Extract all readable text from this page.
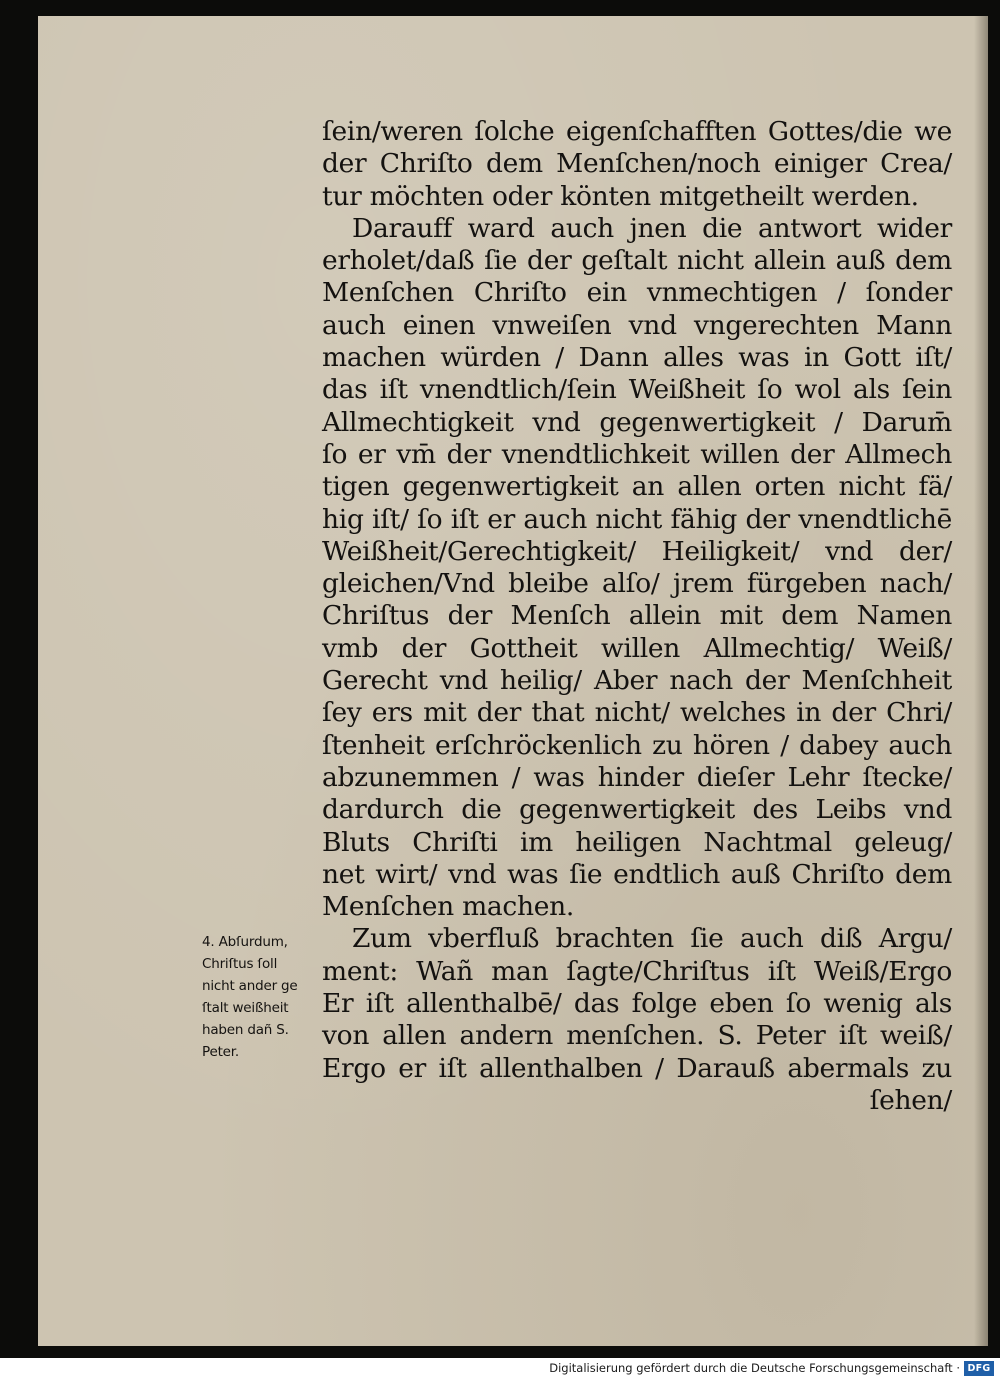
ſein/weren ſolche eigenſchafften Gottes/die we
der Chriſto dem Menſchen/noch einiger Crea/
tur möchten oder könten mitgetheilt werden.
Darauff ward auch jnen die antwort wider
erholet/daß ſie der geſtalt nicht allein auß dem
Menſchen Chriſto ein vnmechtigen / ſonder
auch einen vnweiſen vnd vngerechten Mann
machen würden / Dann alles was in Gott iſt/
das iſt vnendtlich/ſein Weißheit ſo wol als ſein
Allmechtigkeit vnd gegenwertigkeit / Darum̄
ſo er vm̄ der vnendtlichkeit willen der Allmech
tigen gegenwertigkeit an allen orten nicht fä/
hig iſt/ ſo iſt er auch nicht fähig der vnendtlichē
Weißheit/Gerechtigkeit/ Heiligkeit/ vnd der/
gleichen/Vnd bleibe alſo/ jrem fürgeben nach/
Chriſtus der Menſch allein mit dem Namen
vmb der Gottheit willen Allmechtig/ Weiß/
Gerecht vnd heilig/ Aber nach der Menſchheit
ſey ers mit der that nicht/ welches in der Chri/
ſtenheit erſchröckenlich zu hören / dabey auch
abzunemmen / was hinder dieſer Lehr ſtecke/
dardurch die gegenwertigkeit des Leibs vnd
Bluts Chriſti im heiligen Nachtmal geleug/
net wirt/ vnd was ſie endtlich auß Chriſto dem
Menſchen machen.
Zum vberfluß brachten ſie auch diß Argu/
ment: Wañ man ſagte/Chriſtus iſt Weiß/Ergo
Er iſt allenthalbē/ das folge eben ſo wenig als
von allen andern menſchen. S. Peter iſt weiß/
Ergo er iſt allenthalben / Darauß abermals zu
ſehen/
4. Abſurdum,
Chriſtus ſoll
nicht ander ge
ſtalt weißheit
haben dañ S.
Peter.
Digitalisierung gefördert durch die Deutsche Forschungsgemeinschaft · DFG
